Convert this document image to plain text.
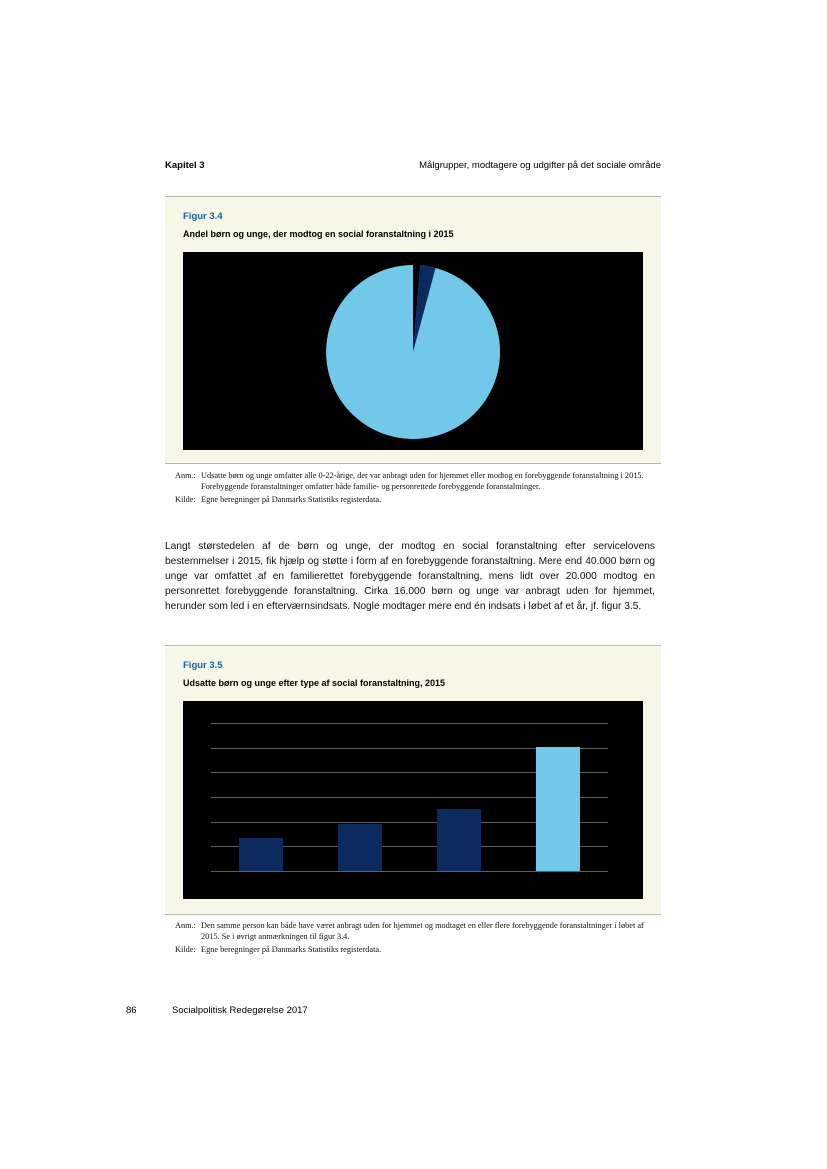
Kapitel 3	Målgrupper, modtagere og udgifter på det sociale område
Figur 3.4
Andel børn og unge, der modtog en social foranstaltning i 2015
Anm.: Udsatte børn og unge omfatter alle 0-22-årige, der var anbragt uden for hjemmet eller modtog en forebyggende foranstaltning i 2015. Forebyggende foranstaltninger omfatter både familie- og personrettede forebyggende foranstaltninger.
Kilde: Egne beregninger på Danmarks Statistiks registerdata.
Langt størstedelen af de børn og unge, der modtog en social foranstaltning efter servicelovens bestemmelser i 2015, fik hjælp og støtte i form af en forebyggende foranstaltning. Mere end 40.000 børn og unge var omfattet af en familierettet forebyggende foranstaltning, mens lidt over 20.000 modtog en personrettet forebyggende foranstaltning. Cirka 16.000 børn og unge var anbragt uden for hjemmet, herunder som led i en efterværnsindsats. Nogle modtager mere end én indsats i løbet af et år, jf. figur 3.5.
Figur 3.5
Udsatte børn og unge efter type af social foranstaltning, 2015
Anm.: Den samme person kan både have været anbragt uden for hjemmet og modtaget en eller flere forebyggende foranstaltninger i løbet af 2015. Se i øvrigt anmærkningen til figur 3.4.
Kilde: Egne beregninger på Danmarks Statistiks registerdata.
86	Socialpolitisk Redegørelse 2017
